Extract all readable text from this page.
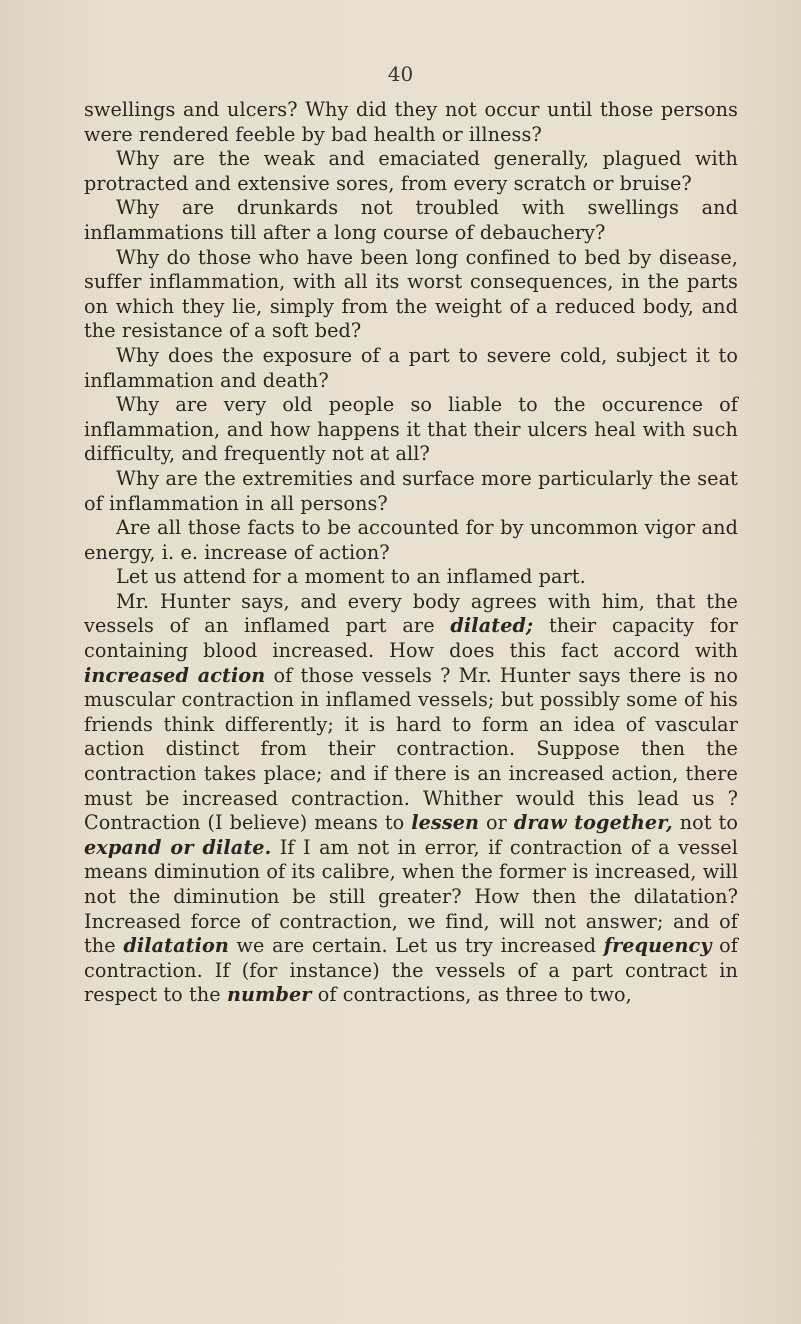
40

swellings and ulcers? Why did they not occur until those persons were rendered feeble by bad health or illness?

Why are the weak and emaciated generally, plagued with protracted and extensive sores, from every scratch or bruise?

Why are drunkards not troubled with swellings and inflammations till after a long course of debauchery?

Why do those who have been long confined to bed by disease, suffer inflammation, with all its worst consequences, in the parts on which they lie, simply from the weight of a reduced body, and the resistance of a soft bed?

Why does the exposure of a part to severe cold, subject it to inflammation and death?

Why are very old people so liable to the occurence of inflammation, and how happens it that their ulcers heal with such difficulty, and frequently not at all?

Why are the extremities and surface more particularly the seat of inflammation in all persons?

Are all those facts to be accounted for by uncommon vigor and energy, i. e. increase of action?

Let us attend for a moment to an inflamed part.

Mr. Hunter says, and every body agrees with him, that the vessels of an inflamed part are dilated; their capacity for containing blood increased. How does this fact accord with increased action of those vessels ? Mr. Hunter says there is no muscular contraction in inflamed vessels; but possibly some of his friends think differently; it is hard to form an idea of vascular action distinct from their contraction. Suppose then the contraction takes place; and if there is an increased action, there must be increased contraction. Whither would this lead us ? Contraction (I believe) means to lessen or draw together, not to expand or dilate. If I am not in error, if contraction of a vessel means diminution of its calibre, when the former is increased, will not the diminution be still greater? How then the dilatation? Increased force of contraction, we find, will not answer; and of the dilatation we are certain. Let us try increased frequency of contraction. If (for instance) the vessels of a part contract in respect to the number of contractions, as three to two,
